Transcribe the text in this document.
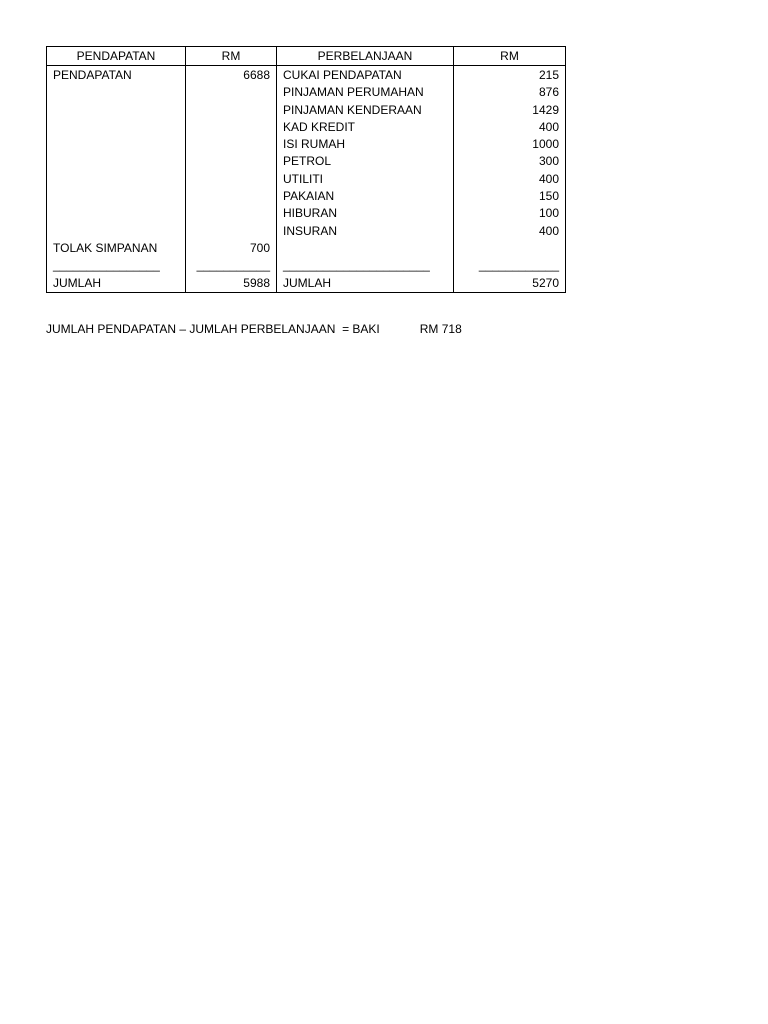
PENDAPATAN	RM	PERBELANJAAN	RM
PENDAPATAN	6688	CUKAI PENDAPATAN	215
		PINJAMAN PERUMAHAN	876
		PINJAMAN KENDERAAN	1429
		KAD KREDIT	400
		ISI RUMAH	1000
		PETROL	300
		UTILITI	400
		PAKAIAN	150
		HIBURAN	100
		INSURAN	400
TOLAK SIMPANAN	700		
________________	___________	______________________	____________
JUMLAH	5988	JUMLAH	5270
JUMLAH PENDAPATAN – JUMLAH PERBELANJAAN  = BAKI	RM 718
